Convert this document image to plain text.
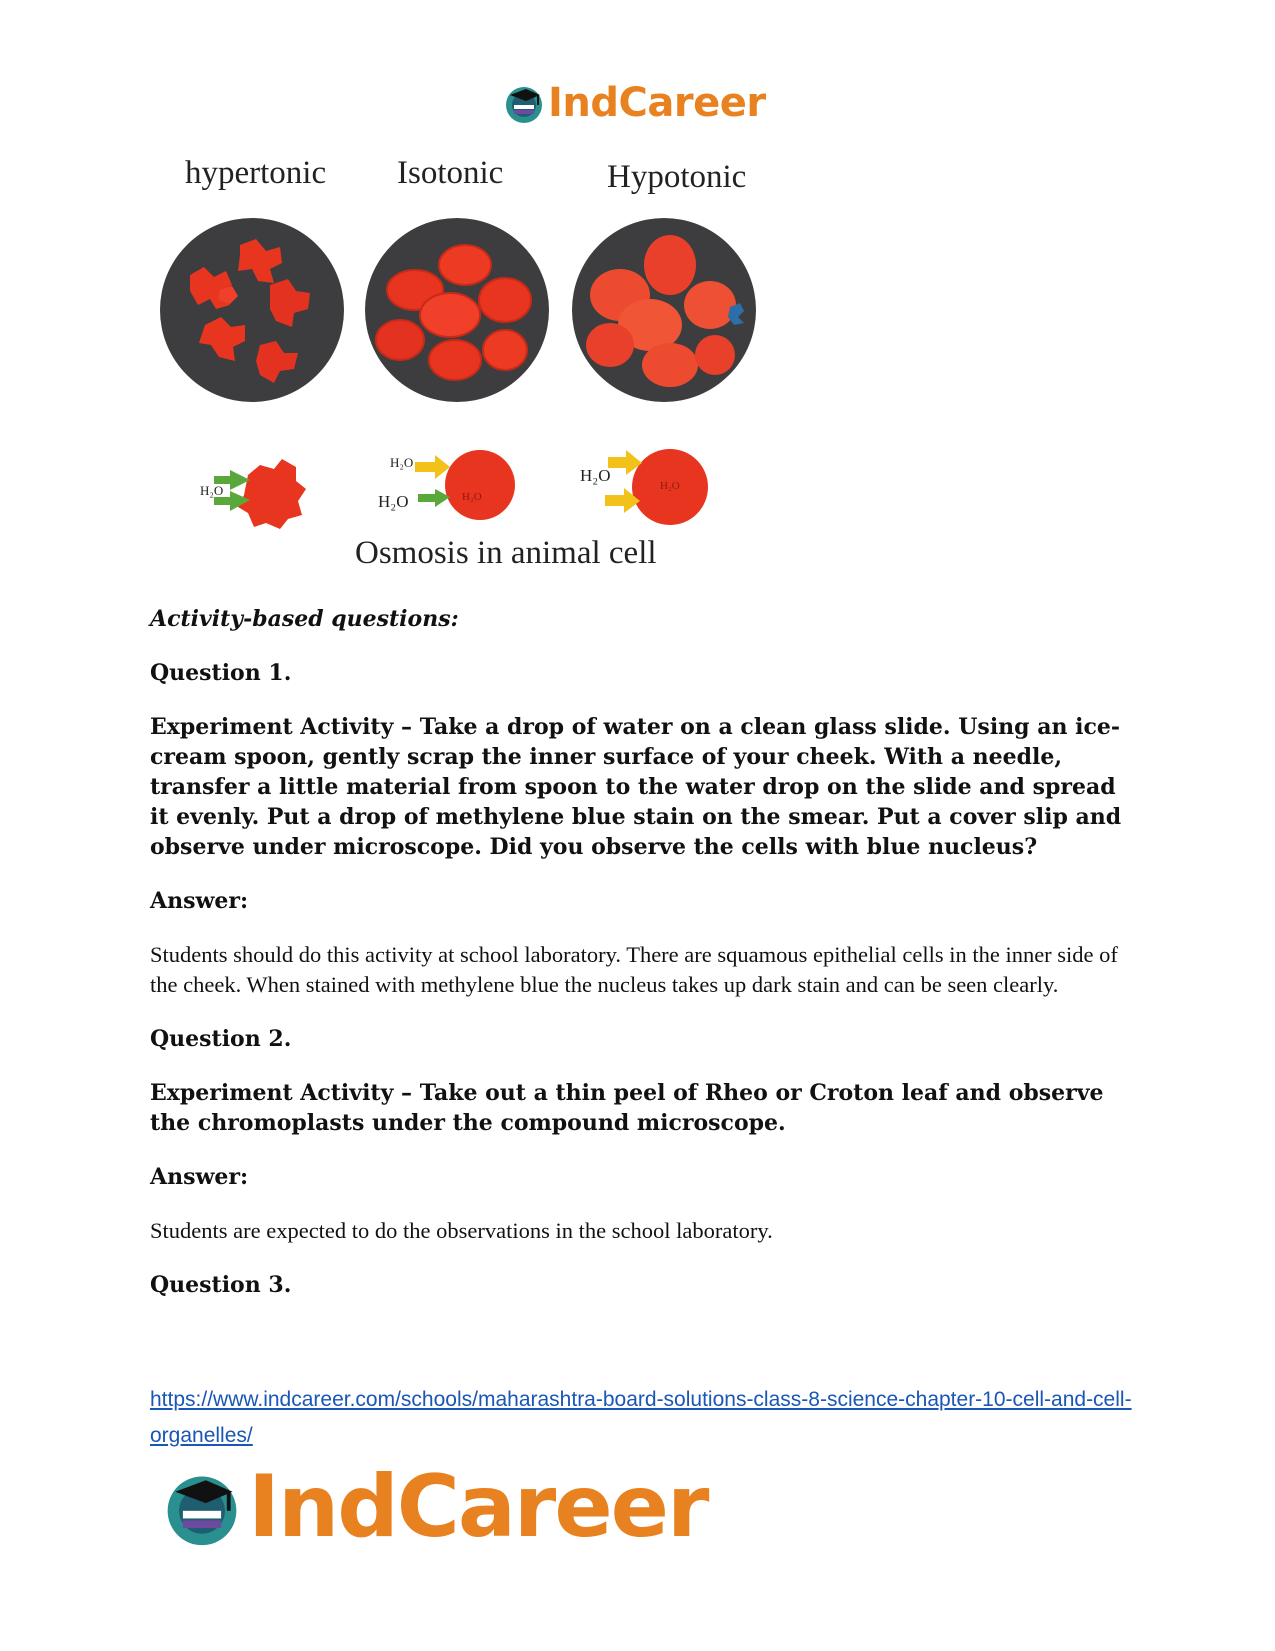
IndCareer
hypertonic Isotonic	Hypotonic
H₂O
H₂O
H₂O	H₂O
H₂O
H₂O
Osmosis in animal cell

Activity-based questions:

Question 1.

Experiment Activity – Take a drop of water on a clean glass slide. Using an ice-cream spoon, gently scrap the inner surface of your cheek. With a needle, transfer a little material from spoon to the water drop on the slide and spread it evenly. Put a drop of methylene blue stain on the smear. Put a cover slip and observe under microscope. Did you observe the cells with blue nucleus?

Answer:

Students should do this activity at school laboratory. There are squamous epithelial cells in the inner side of the cheek. When stained with methylene blue the nucleus takes up dark stain and can be seen clearly.

Question 2.

Experiment Activity – Take out a thin peel of Rheo or Croton leaf and observe the chromoplasts under the compound microscope.

Answer:

Students are expected to do the observations in the school laboratory.

Question 3.

https://www.indcareer.com/schools/maharashtra-board-solutions-class-8-science-chapter-10-cell-and-cell-organelles/
IndCareer
